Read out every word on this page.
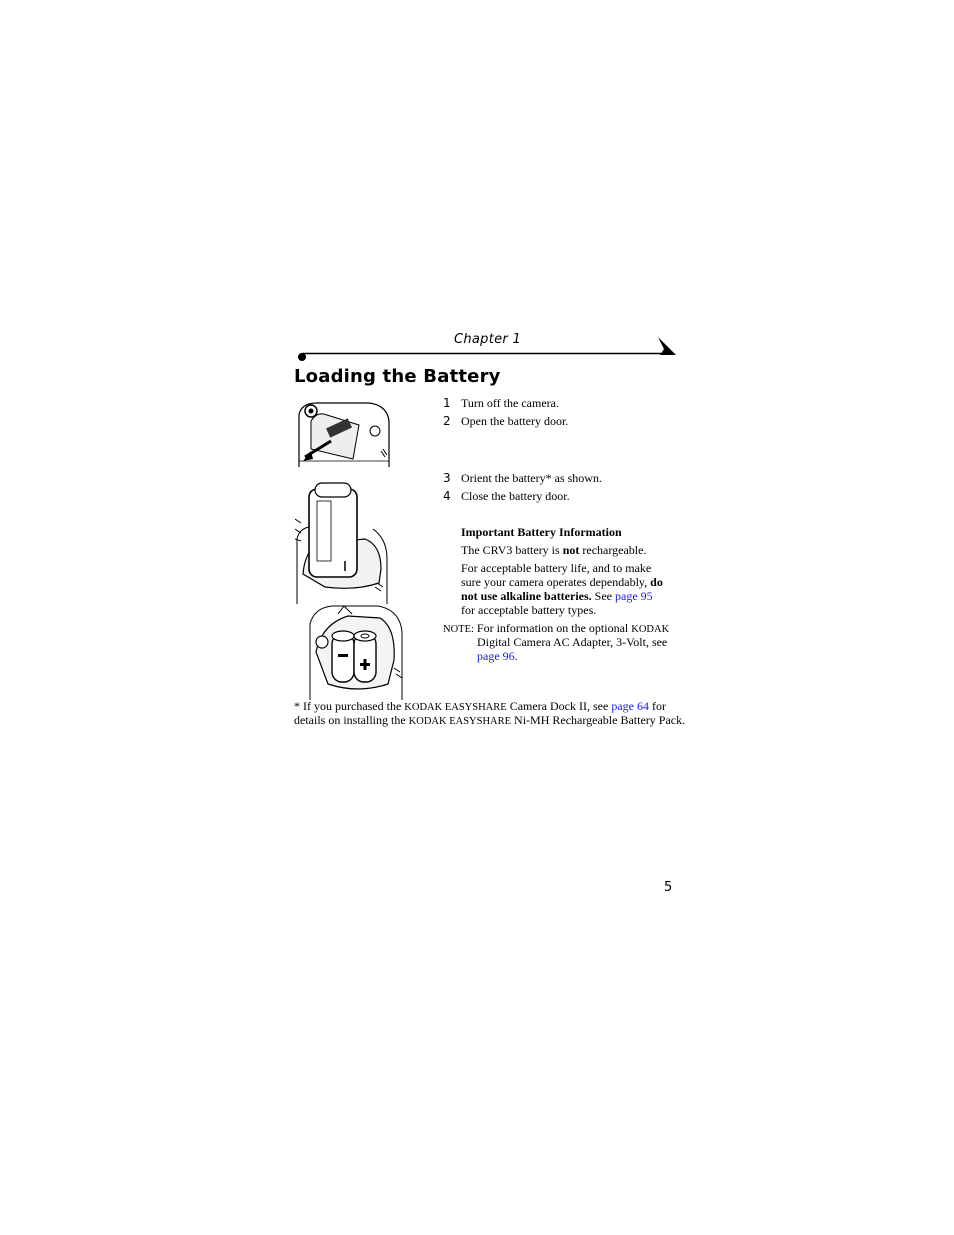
Chapter 1
Loading the Battery
1 Turn off the camera.
2 Open the battery door.
3 Orient the battery* as shown.
4 Close the battery door.
Important Battery Information
The CRV3 battery is not rechargeable.
For acceptable battery life, and to make
sure your camera operates dependably, do
not use alkaline batteries. See page 95
for acceptable battery types.
NOTE: For information on the optional KODAK
Digital Camera AC Adapter, 3-Volt, see
page 96.
* If you purchased the KODAK EASYSHARE Camera Dock II, see page 64 for
details on installing the KODAK EASYSHARE Ni-MH Rechargeable Battery Pack.
5
